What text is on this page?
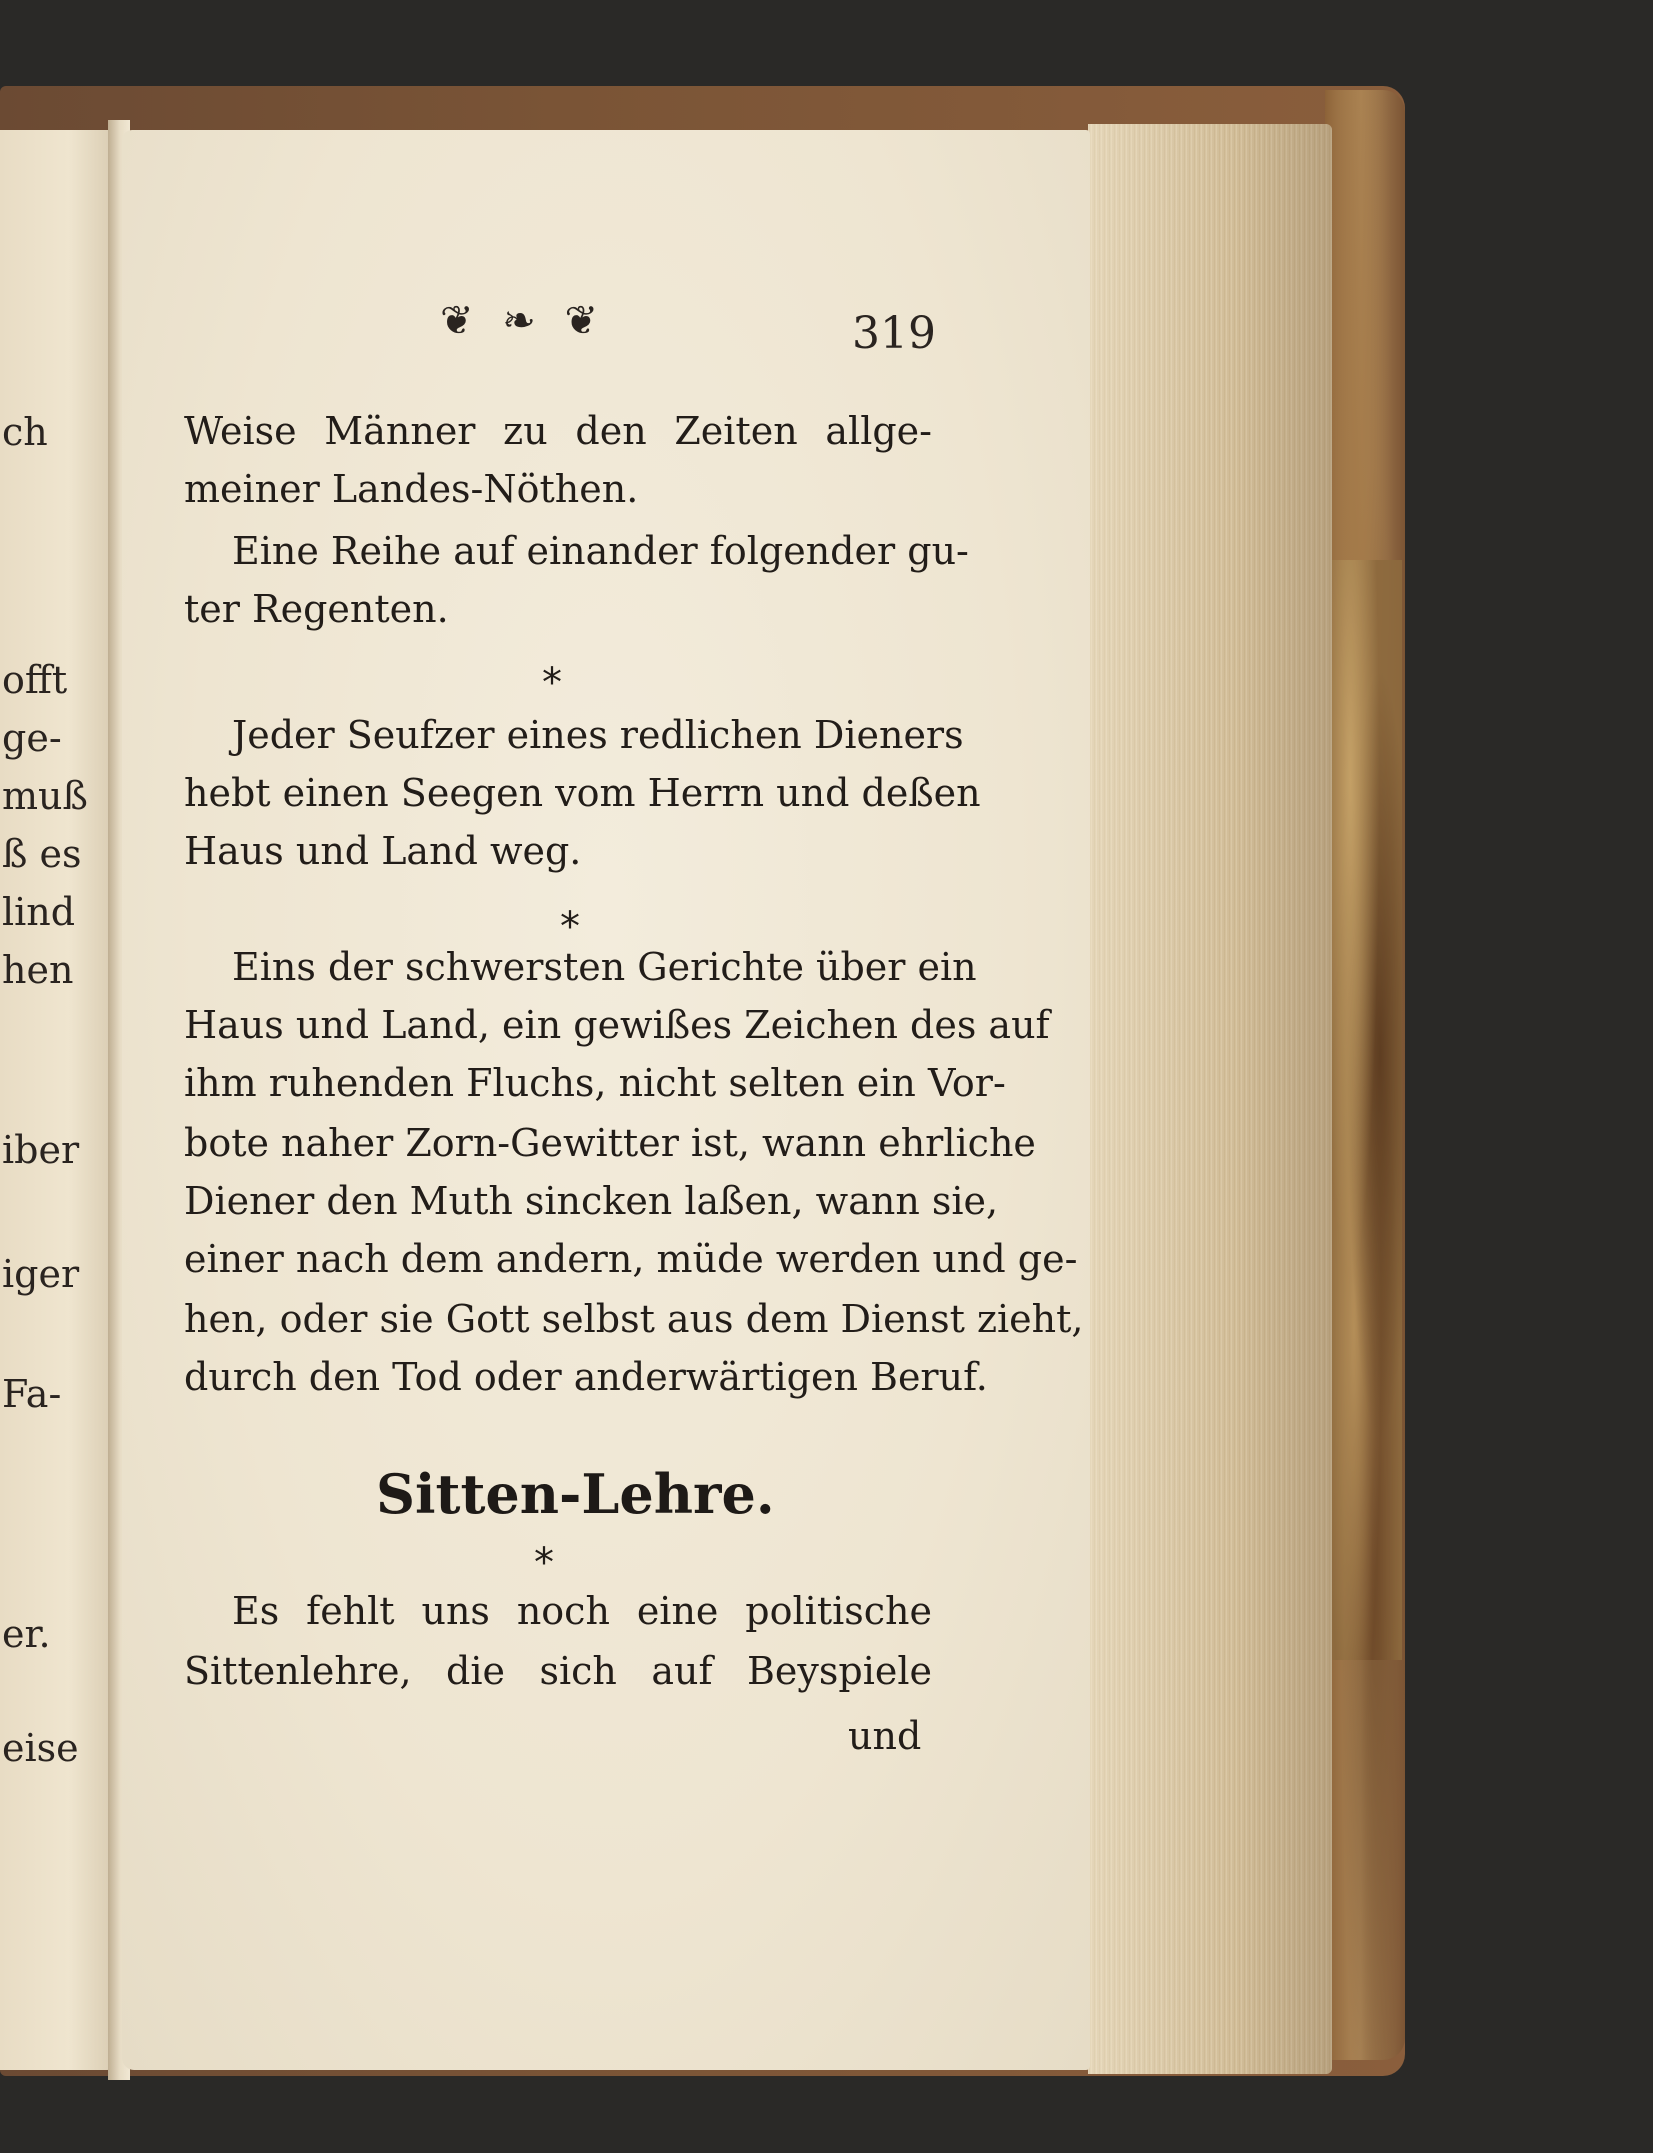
ch
offt
ge-
muß
ß es
lind
hen
iber
iger
Fa-
er.
eise
❦ ❧ ❦	319
Weise Männer zu den Zeiten allge-
meiner Landes-Nöthen.
Eine Reihe auf einander folgender gu-
ter Regenten.
*
Jeder Seufzer eines redlichen Dieners
hebt einen Seegen vom Herrn und deßen
Haus und Land weg.
*
Eins der schwersten Gerichte über ein
Haus und Land, ein gewißes Zeichen des auf
ihm ruhenden Fluchs, nicht selten ein Vor-
bote naher Zorn-Gewitter ist, wann ehrliche
Diener den Muth sincken laßen, wann sie,
einer nach dem andern, müde werden und ge-
hen, oder sie Gott selbst aus dem Dienst zieht,
durch den Tod oder anderwärtigen Beruf.
Sitten-Lehre.
*
Es fehlt uns noch eine politische
Sittenlehre, die sich auf Beyspiele
und
